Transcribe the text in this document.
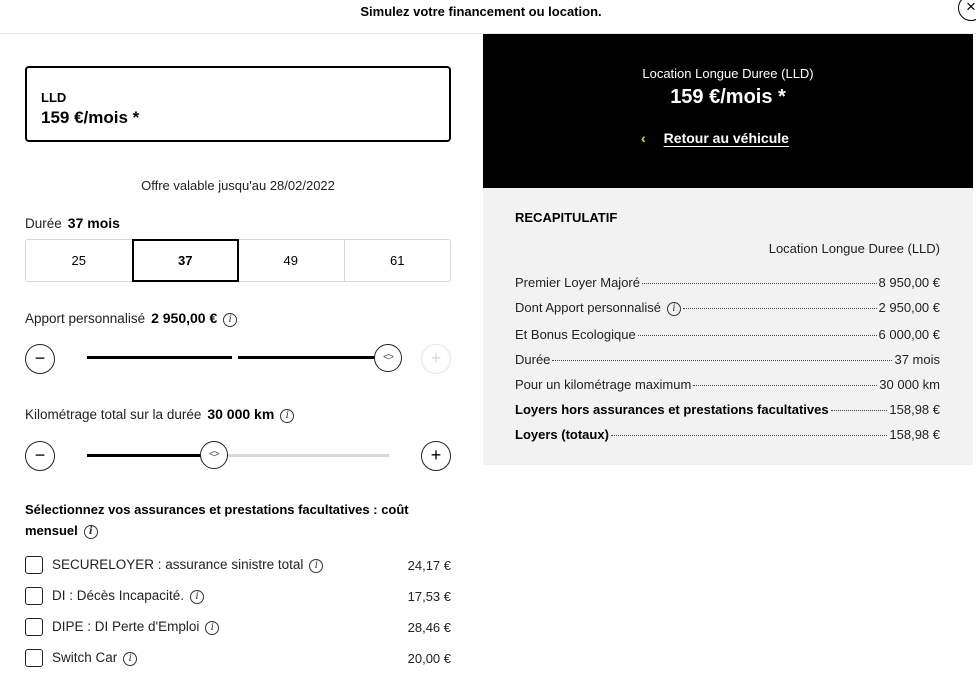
Simulez votre financement ou location.	×
LLD
159 €/mois *
Offre valable jusqu'au 28/02/2022
Durée 37 mois
25	37	49	61
Apport personnalisé 2 950,00 € i
−	<>	+
Kilométrage total sur la durée 30 000 km i
−	<>	+
Sélectionnez vos assurances et prestations facultatives : coût mensuel i
SECURELOYER : assurance sinistre total i	24,17 €
DI : Décès Incapacité. i	17,53 €
DIPE : DI Perte d'Emploi i	28,46 €
Switch Car i	20,00 €
Location Longue Duree (LLD)
159 €/mois *
‹ Retour au véhicule
RECAPITULATIF
Location Longue Duree (LLD)
Premier Loyer Majoré	8 950,00 €
Dont Apport personnalisé i	2 950,00 €
Et Bonus Ecologique	6 000,00 €
Durée	37 mois
Pour un kilométrage maximum	30 000 km
Loyers hors assurances et prestations facultatives	158,98 €
Loyers (totaux)	158,98 €
